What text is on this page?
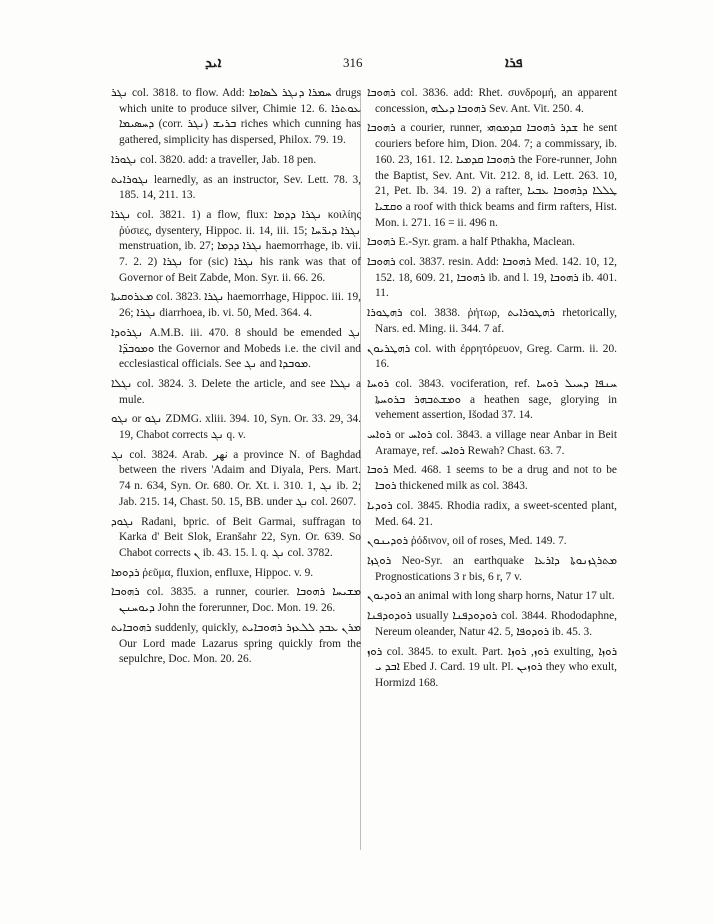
ܐܝܕ	316	ܦܪܐ

ܢܓܪ col. 3818. to flow. Add: ܚܡܪܐ ܕܢܓܪ ܠܣܐܡܐ drugs which unite to produce silver, Chimie 12. 6. ܥܘܬܪܐ ܕܚܣܝܡܐ (corr. ܢܓܪ) ܒܪܝܫ riches which cunning has gathered, simplicity has dispersed, Philox. 79. 19.

ܢܓܘܪܐ col. 3820. add: a traveller, Jab. 18 pen.

ܢܓܘܪܐܝܬ learnedly, as an instructor, Sev. Lett. 78. 3, 185. 14, 211. 13.

ܢܓܪܐ col. 3821. 1) a flow, flux: ܢܓܪܐ ܕܕܡܐ κοιλίης ῥύσιες, dysentery, Hippoc. ii. 14, iii. 15; ܢܓܪܐ ܕܝܪ̈ܚܐ menstruation, ib. 27; ܢܓܪܐ ܕܕܡܐ haemorrhage, ib. vii. 7. 2. 2) ܢܓܪܐ for (sic) ܢܓܪܐ his rank was that of Governor of Beit Zabde, Mon. Syr. ii. 66. 26.

ܡܥܪܘܩܝܬܐ col. 3823. ܢܓܪܐ haemorrhage, Hippoc. iii. 19, 26; ܢܓܪܐ diarrhoea, ib. vi. 50, Med. 364. 4.

ܢܓܪܘܕܐ A.M.B. iii. 470. 8 should be emended ܢܓ ܘܡܘܒܕ̈ܐ the Governor and Mobeds i.e. the civil and ecclesiastical officials. See ܢܓ and ܡܘܒܕܐ.

ܢܓܠܐ col. 3824. 3. Delete the article, and see ܢܓܠܐ a mule.

ܢܓܘ or ܢܓܘ ZDMG. xliii. 394. 10, Syn. Or. 33. 29, 34. 19, Chabot corrects ܢܓ q. v.

ܢܓ col. 3824. Arab. ﻧﻬﺮ a province N. of Baghdad between the rivers 'Adaim and Diyala, Pers. Mart. 74 n. 634, Syn. Or. 680. Or. Xt. i. 310. 1, ܢܓ ib. 2; Jab. 215. 14, Chast. 50. 15, BB. under ܢܓ col. 2607.

ܢܓܘܕ Radani, bpric. of Beit Garmai, suffragan to Karka d' Beit Slok, Eranšahr 22, Syn. Or. 639. So Chabot corrects ܢ ib. 43. 15. l. q. ܢܓ col. 3782.

ܪܕܘܡܐ ῥεῦμα, fluxion, enfluxe, Hippoc. v. 9.

ܪܗܘܒܐ col. 3835. a runner, courier. ܡܫܝܚܐ ܪܗܘܒܐ ܕܝܘܚܢܢ John the forerunner, Doc. Mon. 19. 26.

ܪܗܘܒܐܝܬ suddenly, quickly, ܡܪܢ ܥܒܕ ܠܠܥܙܪ ܪܗܘܒܐܝܬ Our Lord made Lazarus spring quickly from the sepulchre, Doc. Mon. 20. 26.

ܪܗܘܒܐ col. 3836. add: Rhet. συνδρομή, an apparent concession, ܪܗܘܒܐ ܕܝܠܗ Sev. Ant. Vit. 250. 4.

ܪܗܘܒܐ a courier, runner, ܫܕܪ ܪܗܘܒܐ ܩܕܡܘܗܝ he sent couriers before him, Dion. 204. 7; a commissary, ib. 160. 23, 161. 12. ܪܗܘܒܐ ܩܕܡܝܐ the Fore-runner, John the Baptist, Sev. Ant. Vit. 212. 8, id. Lett. 263. 10, 21, Pet. Ib. 34. 19. 2) a rafter, ܛܠܠܐ ܕܪܗܘܒܐ ܥܒܝܐ ܘܩܫܝܐ a roof with thick beams and firm rafters, Hist. Mon. i. 271. 16 = ii. 496 n.

ܪܗܘܒܐ E.-Syr. gram. a half Pthakha, Maclean.

ܪܗܘܒܐ col. 3837. resin. Add: ܪܗܘܒܐ Med. 142. 10, 12, 152. 18, 609. 21, ܪܗܘܒܐ ib. and l. 19, ܪܗܘܒܐ ib. 401. 11.

ܪܗܛܘܪܐ col. 3838. ῥήτωρ, ܪܗܛܘܪܐܝܬ rhetorically, Nars. ed. Ming. ii. 344. 7 af.

ܪܗܛܪܝܘܢ col. with ἐρρητόρευον, Greg. Carm. ii. 20. 16.

ܪܘܚܐ col. 3843. vociferation, ref. ܚܢܦܐ ܕܚܝܠ ܪܘܚܐ ܘܡܫܬܒܗܪ ܒܪܘܚܬܐ a heathen sage, glorying in vehement assertion, Išodad 37. 14.

ܪܘܐܚ or ܪܘܐܚ col. 3843. a village near Anbar in Beit Aramaye, ref. ܪܘܐܚ Rewah? Chast. 63. 7.

ܪܘܒܐ Med. 468. 1 seems to be a drug and not to be ܪܘܒܐ thickened milk as col. 3843.

ܪܘܕܝܐ col. 3845. Rhodia radix, a sweet-scented plant, Med. 64. 21.

ܪܘܕܝܢܘܢ ῥόδινον, oil of roses, Med. 149. 7.

ܪܘܓܙܐ Neo-Syr. an earthquake ܡܬܪܓܙܢܘܬܐ ܕܐܪܥܐ Prognostications 3 r bis, 6 r, 7 v.

ܪܘܕܝܘܢ an animal with long sharp horns, Natur 17 ult.

ܪܘܕܘܕܦܢܐ usually ܪܘܕܘܕܦܢܐ col. 3844. Rhododaphne, Nereum oleander, Natur 42. 5, ܪܘܕܘܦܐ ib. 45. 3.

ܪܘܙ col. 3845. to exult. Part. ܪܘܙ, ܪܘܙܐ exulting, ܪܘܙܐ ܐܒܕ ܝ Ebed J. Card. 19 ult. Pl. ܪܘܙܝܢ they who exult, Hormizd 168.
